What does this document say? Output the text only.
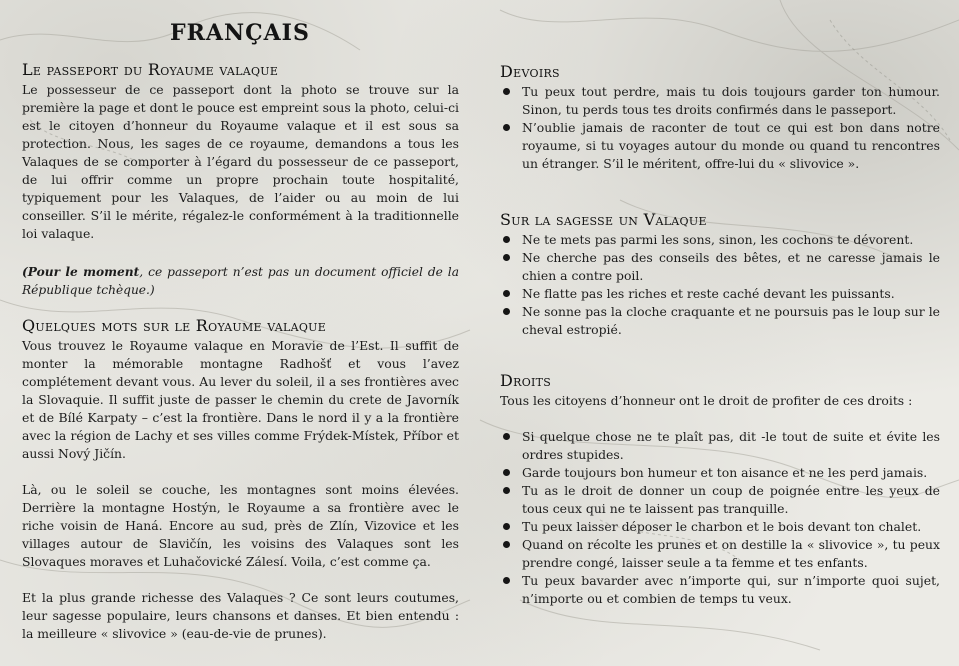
FRANÇAIS
Le passeport du Royaume valaque

Le possesseur de ce passeport dont la photo se trouve sur la première la page et dont le pouce est empreint sous la photo, celui-ci est le citoyen d’honneur du Royaume valaque et il est sous sa protection. Nous, les sages de ce royaume, demandons a tous les Valaques de se comporter à l’égard du possesseur de ce passeport, de lui offrir comme un propre prochain toute hospitalité, typiquement pour les Valaques, de l’aider ou au moin de lui conseiller. S’il le mérite, régalez-le conformément à la traditionnelle loi valaque.

(Pour le moment, ce passeport n’est pas un document officiel de la République tchèque.)

Quelques mots sur le Royaume valaque

Vous trouvez le Royaume valaque en Moravie de l’Est. Il suffit de monter la mémorable montagne Radhošť et vous l’avez complétement devant vous. Au lever du soleil, il a ses frontières avec la Slovaquie. Il suffit juste de passer le chemin du crete de Javorník et de Bílé Karpaty – c’est la frontière. Dans le nord il y a la frontière avec la région de Lachy et ses villes comme Frýdek-Místek, Příbor et aussi Nový Jičín.

Là, ou le soleil se couche, les montagnes sont moins élevées. Derrière la montagne Hostýn, le Royaume a sa frontière avec le riche voisin de Haná. Encore au sud, près de Zlín, Vizovice et les villages autour de Slavičín, les voisins des Valaques sont les Slovaques moraves et Luhačovické Zálesí. Voila, c’est comme ça.

Et la plus grande richesse des Valaques ? Ce sont leurs coutumes, leur sagesse populaire, leurs chansons et danses. Et bien entendu : la meilleure « slivovice » (eau-de-vie de prunes).

Devoirs
Tu peux tout perdre, mais tu dois toujours garder ton humour. Sinon, tu perds tous tes droits confirmés dans le passeport.
N’oublie jamais de raconter de tout ce qui est bon dans notre royaume, si tu voyages autour du monde ou quand tu rencontres un étranger. S’il le méritent, offre-lui du « slivovice ».
Sur la sagesse un Valaque
Ne te mets pas parmi les sons, sinon, les cochons te dévorent.
Ne cherche pas des conseils des bêtes, et ne caresse jamais le chien a contre poil.
Ne flatte pas les riches et reste caché devant les puissants.
Ne sonne pas la cloche craquante et ne poursuis pas le loup sur le cheval estropié.
Droits

Tous les citoyens d’honneur ont le droit de profiter de ces droits :

Si quelque chose ne te plaît pas, dit -le tout de suite et évite les ordres stupides.
Garde toujours bon humeur et ton aisance et ne les perd jamais.
Tu as le droit de donner un coup de poignée entre les yeux de tous ceux qui ne te laissent pas tranquille.
Tu peux laisser déposer le charbon et le bois devant ton chalet.
Quand on récolte les prunes et on destille la « slivovice », tu peux prendre congé, laisser seule a ta femme et tes enfants.
Tu peux bavarder avec n’importe qui, sur n’importe quoi sujet, n’importe ou et combien de temps tu veux.
